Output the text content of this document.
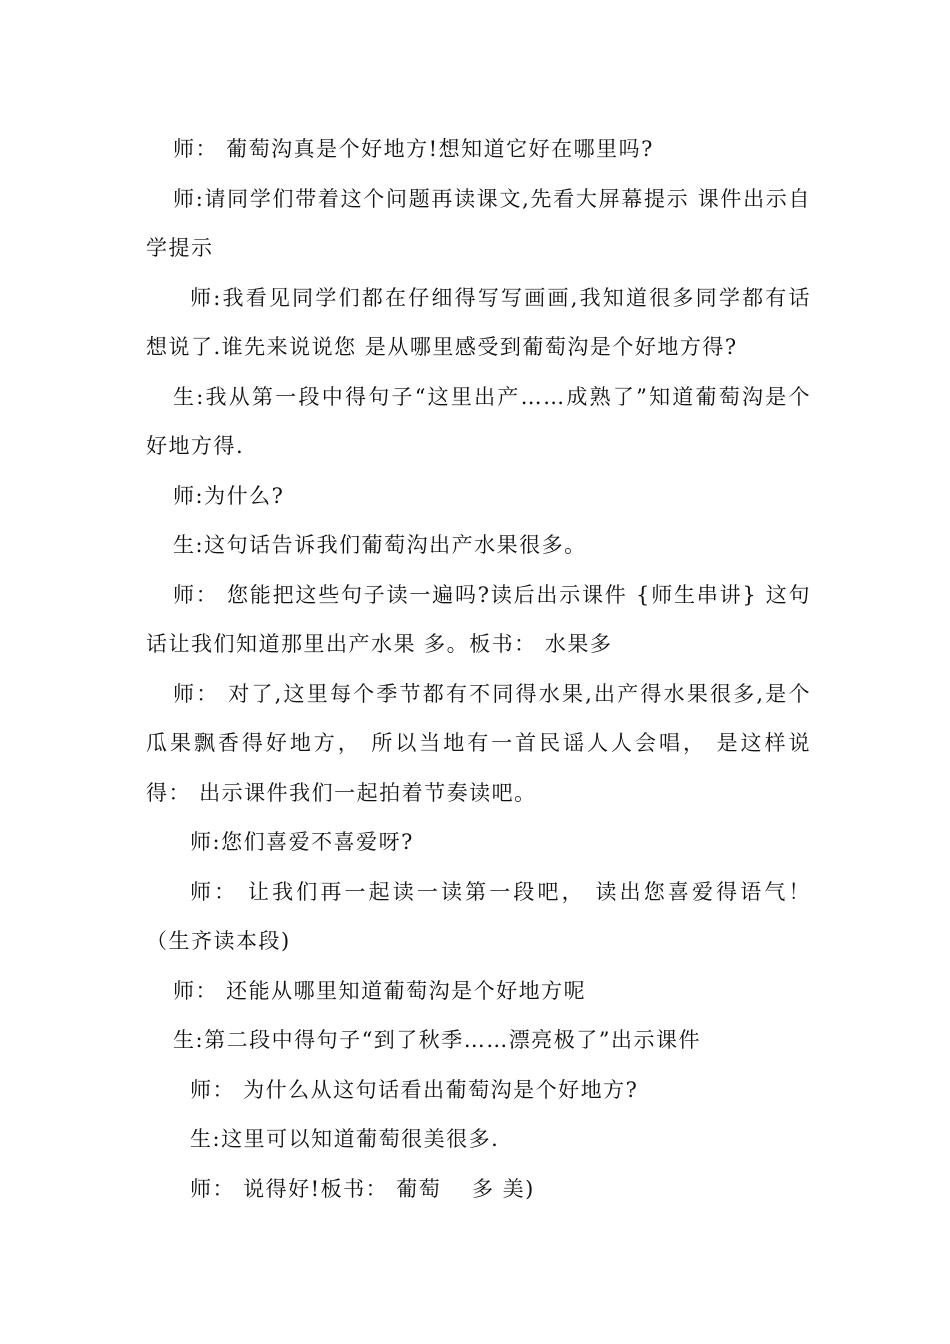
师： 葡萄沟真是个好地方!想知道它好在哪里吗?

师:请同学们带着这个问题再读课文,先看大屏幕提示 课件出示自学提示

师:我看见同学们都在仔细得写写画画,我知道很多同学都有话想说了.谁先来说说您 是从哪里感受到葡萄沟是个好地方得?

生:我从第一段中得句子“这里出产……成熟了”知道葡萄沟是个好地方得.

师:为什么?

生:这句话告诉我们葡萄沟出产水果很多。

师： 您能把这些句子读一遍吗?读后出示课件 {师生串讲} 这句话让我们知道那里出产水果 多。板书： 水果多

师： 对了,这里每个季节都有不同得水果,出产得水果很多,是个瓜果飘香得好地方， 所以当地有一首民谣人人会唱， 是这样说得： 出示课件我们一起拍着节奏读吧。

师:您们喜爱不喜爱呀?

师： 让我们再一起读一读第一段吧， 读出您喜爱得语气！ （生齐读本段)

师： 还能从哪里知道葡萄沟是个好地方呢

生:第二段中得句子“到了秋季……漂亮极了”出示课件

师： 为什么从这句话看出葡萄沟是个好地方?

生:这里可以知道葡萄很美很多.

师： 说得好!板书： 葡萄　 多 美)
